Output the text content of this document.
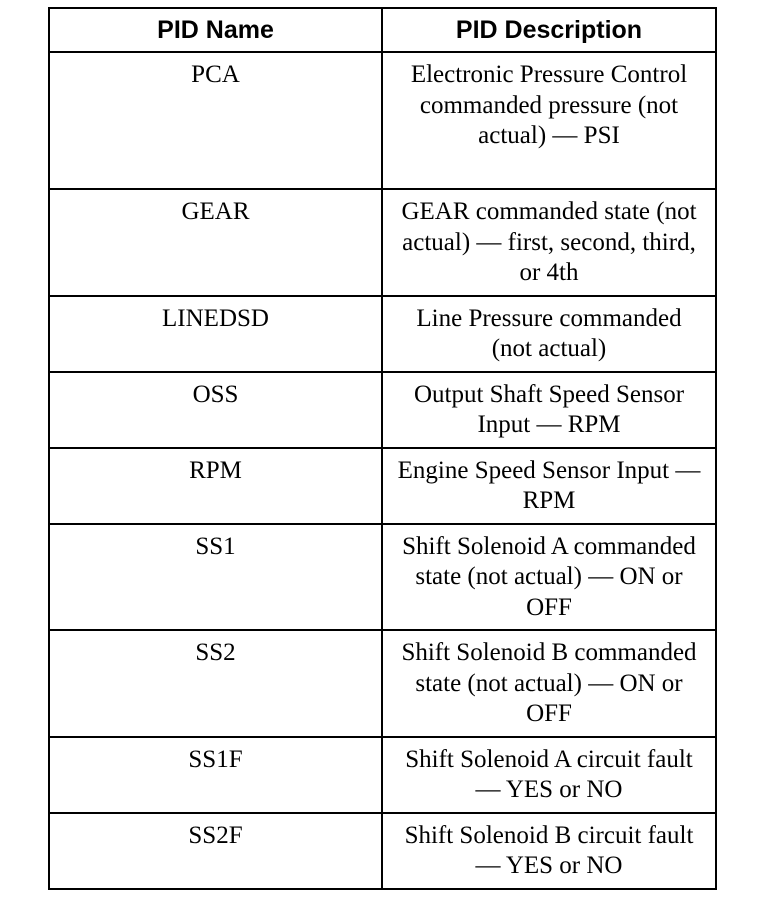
PID Name	PID Description
PCA	Electronic Pressure Control commanded pressure (not actual) — PSI
GEAR	GEAR commanded state (not actual) — first, second, third, or 4th
LINEDSD	Line Pressure commanded (not actual)
OSS	Output Shaft Speed Sensor Input — RPM
RPM	Engine Speed Sensor Input — RPM
SS1	Shift Solenoid A commanded state (not actual) — ON or OFF
SS2	Shift Solenoid B commanded state (not actual) — ON or OFF
SS1F	Shift Solenoid A circuit fault — YES or NO
SS2F	Shift Solenoid B circuit fault — YES or NO
